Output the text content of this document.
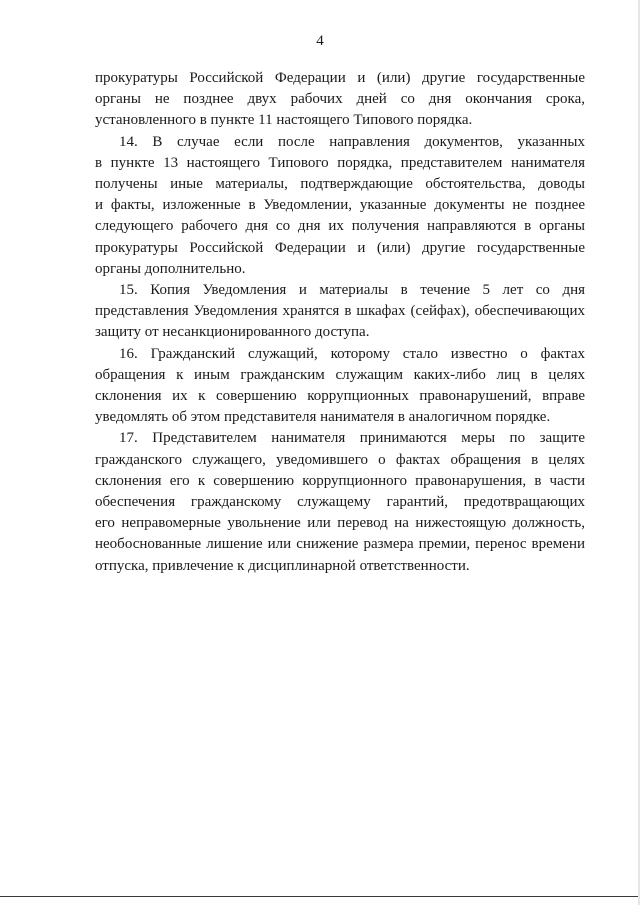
4

прокуратуры Российской Федерации и (или) другие государственные
органы не позднее двух рабочих дней со дня окончания срока,
установленного в пункте 11 настоящего Типового порядка.

14. В случае если после направления документов, указанных
в пункте 13 настоящего Типового порядка, представителем нанимателя
получены иные материалы, подтверждающие обстоятельства, доводы
и факты, изложенные в Уведомлении, указанные документы не позднее
следующего рабочего дня со дня их получения направляются в органы
прокуратуры Российской Федерации и (или) другие государственные
органы дополнительно.

15. Копия Уведомления и материалы в течение 5 лет со дня
представления Уведомления хранятся в шкафах (сейфах), обеспечивающих
защиту от несанкционированного доступа.

16. Гражданский служащий, которому стало известно о фактах
обращения к иным гражданским служащим каких-либо лиц в целях
склонения их к совершению коррупционных правонарушений, вправе
уведомлять об этом представителя нанимателя в аналогичном порядке.

17. Представителем нанимателя принимаются меры по защите
гражданского служащего, уведомившего о фактах обращения в целях
склонения его к совершению коррупционного правонарушения, в части
обеспечения гражданскому служащему гарантий, предотвращающих
его неправомерные увольнение или перевод на нижестоящую должность,
необоснованные лишение или снижение размера премии, перенос времени
отпуска, привлечение к дисциплинарной ответственности.
